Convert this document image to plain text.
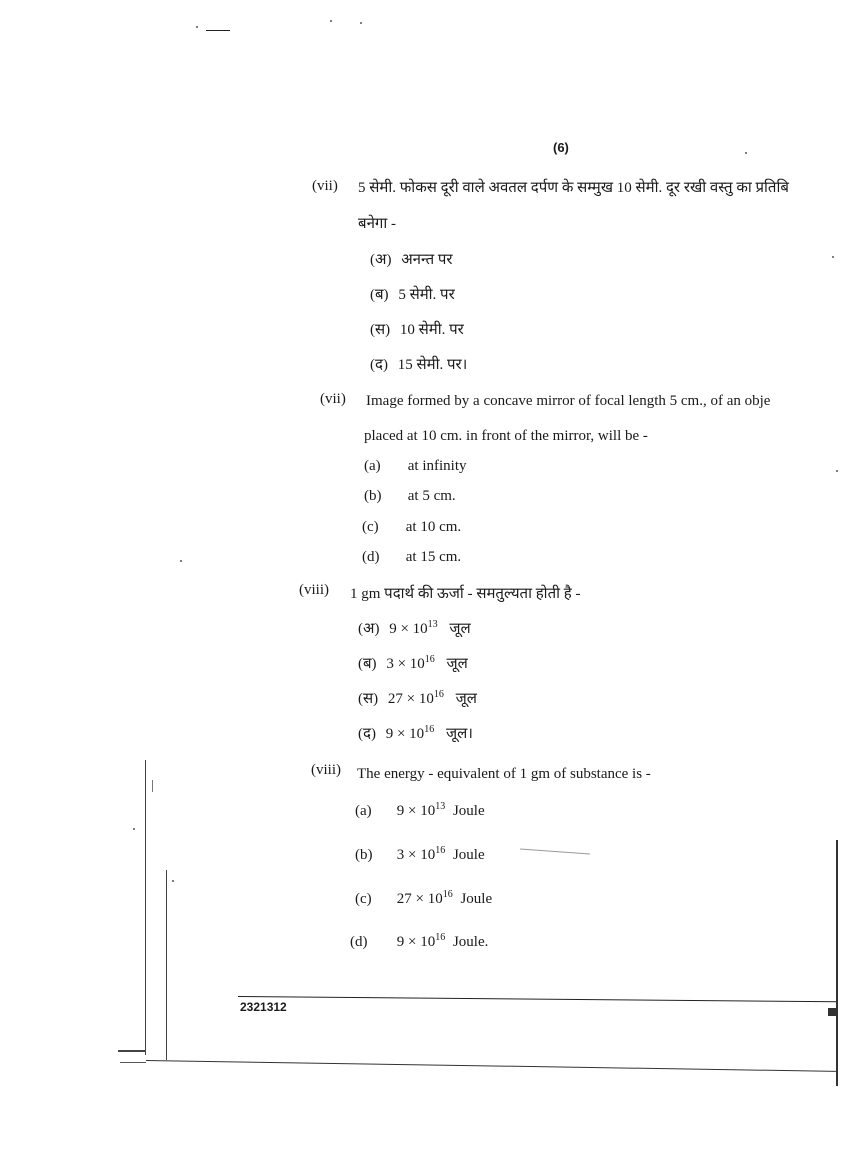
(6)
(vii) 5 सेमी. फोकस दूरी वाले अवतल दर्पण के सम्मुख 10 सेमी. दूर रखी वस्तु का प्रतिबि
बनेगा -
(अ) अनन्त पर
(ब) 5 सेमी. पर
(स) 10 सेमी. पर
(द) 15 सेमी. पर।
(vii) Image formed by a concave mirror of focal length 5 cm., of an obje
placed at 10 cm. in front of the mirror, will be -
(a) at infinity
(b) at 5 cm.
(c) at 10 cm.
(d) at 15 cm.
(viii) 1 gm पदार्थ की ऊर्जा - समतुल्यता होती है -
(अ) $9 \times 10^{13}$ जूल
(ब) $3 \times 10^{16}$ जूल
(स) $27 \times 10^{16}$ जूल
(द) $9 \times 10^{16}$ जूल।
(viii) The energy - equivalent of 1 gm of substance is -
(a) $9 \times 10^{13}$ Joule
(b) $3 \times 10^{16}$ Joule
(c) $27 \times 10^{16}$ Joule
(d) $9 \times 10^{16}$ Joule.
2321312
